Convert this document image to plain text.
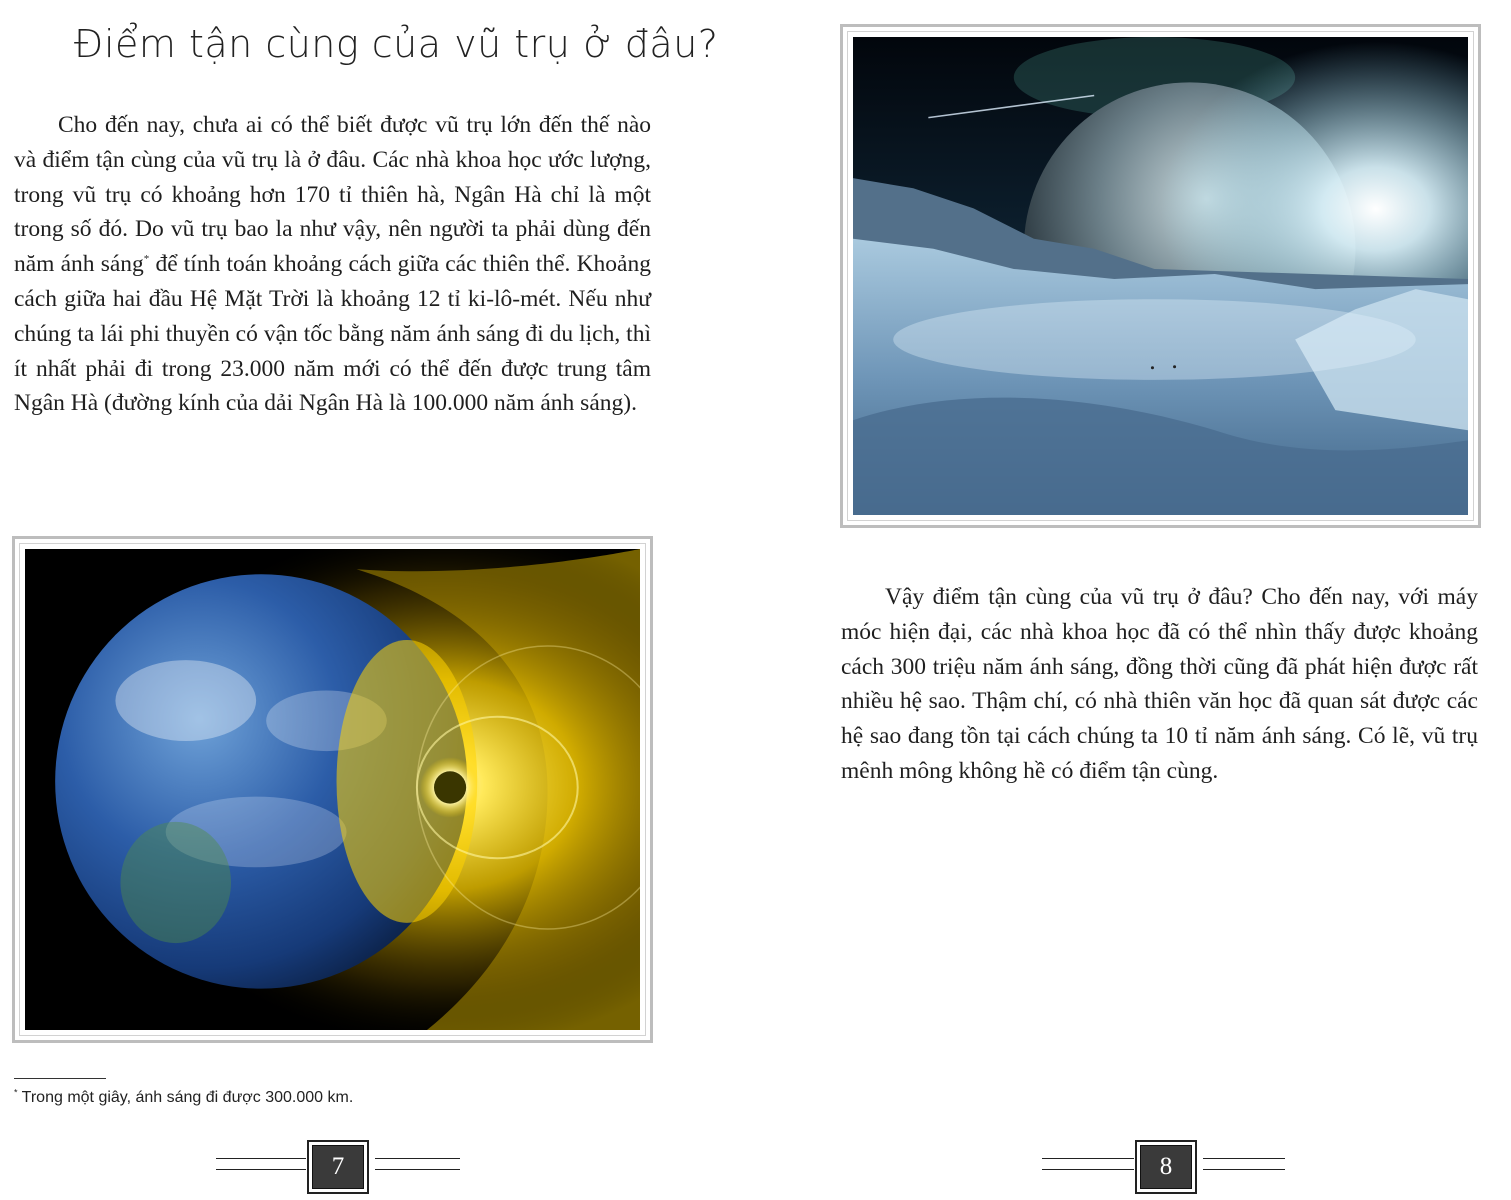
Điểm tận cùng của vũ trụ ở đâu?

Cho đến nay, chưa ai có thể biết được vũ trụ lớn đến thế nào và điểm tận cùng của vũ trụ là ở đâu. Các nhà khoa học ước lượng, trong vũ trụ có khoảng hơn 170 tỉ thiên hà, Ngân Hà chỉ là một trong số đó. Do vũ trụ bao la như vậy, nên người ta phải dùng đến năm ánh sáng* để tính toán khoảng cách giữa các thiên thể. Khoảng cách giữa hai đầu Hệ Mặt Trời là khoảng 12 tỉ ki-lô-mét. Nếu như chúng ta lái phi thuyền có vận tốc bằng năm ánh sáng đi du lịch, thì ít nhất phải đi trong 23.000 năm mới có thể đến được trung tâm Ngân Hà (đường kính của dải Ngân Hà là 100.000 năm ánh sáng).

* Trong một giây, ánh sáng đi được 300.000 km.
7

Vậy điểm tận cùng của vũ trụ ở đâu? Cho đến nay, với máy móc hiện đại, các nhà khoa học đã có thể nhìn thấy được khoảng cách 300 triệu năm ánh sáng, đồng thời cũng đã phát hiện được rất nhiều hệ sao. Thậm chí, có nhà thiên văn học đã quan sát được các hệ sao đang tồn tại cách chúng ta 10 tỉ năm ánh sáng. Có lẽ, vũ trụ mênh mông không hề có điểm tận cùng.

8
